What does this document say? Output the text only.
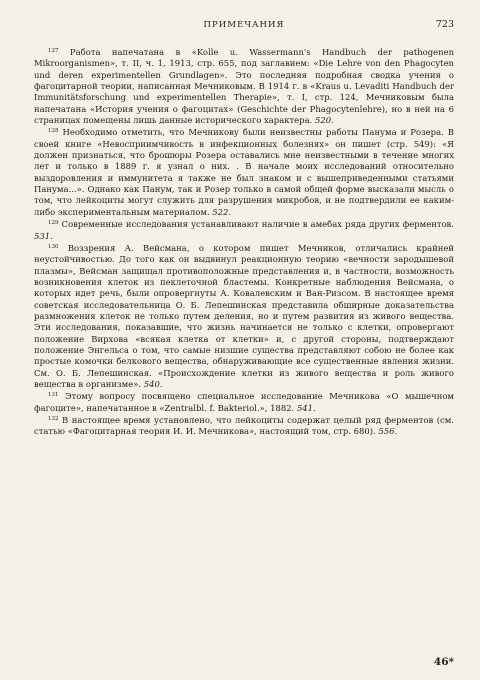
ПРИМЕЧАНИЯ	723

$^{127}$ Работа напечатана в «Kolle u. Wassermann's Handbuch der pathogenen Mikroorganismen», т. II, ч. 1, 1913, стр. 655, под заглавием: «Die Lehre von den Phagocyten und deren experimentellen Grundlagen». Это последняя подробная сводка учения о фагоцитарной теории, написанная Мечниковым. В 1914 г. в «Kraus u. Levaditi Handbuch der Immunitätsforschung und experimentellen Therapie», т. I, стр. 124, Мечниковым была напечатана «История учения о фагоцитах» (Geschichte der Phagocytenlehre), но в ней на 6 страницах помещены лишь данные исторического характера. 520.

$^{128}$ Необходимо отметить, что Мечникову были неизвестны работы Панума и Розера. В своей книге «Невосприимчивость в инфекционных болезнях» он пишет (стр. 549): «Я должен признаться, что брошюры Розера оставались мне неизвестными в течение многих лет и только в 1889 г. я узнал о них. . В начале моих исследований относительно выздоровления и иммунитета я также не был знаком и с вышеприведенными статьями Панума...». Однако как Панум, так и Розер только в самой общей форме высказали мысль о том, что лейкоциты могут служить для разрушения микробов, и не подтвердили ее каким-либо экспериментальным материалом. 522.

$^{129}$ Современные исследования устанавливают наличие в амебах ряда других ферментов. 531.

$^{130}$ Воззрения А. Вейсмана, о котором пишет Мечников, отличались крайней неустойчивостью. До того как он выдвинул реакционную теорию «вечности зародышевой плазмы», Вейсман защищал противоположные представления и, в частности, возможность возникновения клеток из пеклеточной бластемы. Конкретные наблюдения Вейсмана, о которых идет речь, были опровергнуты А. Ковалевским и Ван-Ризсом. В настоящее время советская исследовательница О. Б. Лепешинская представила обширные доказательства размножения клеток не только путем деления, но и путем развития из живого вещества. Эти исследования, показавшие, что жизнь начинается не только с клетки, опровергают положение Вирхова «всякая клетка от клетки» и, с другой стороны, подтверждают положение Энгельса о том, что самые низшие существа представляют собою не более как простые комочки белкового вещества, обнаруживающие все существенные явления жизни. См. О. Б. Лепешинская. «Происхождение клетки из живого вещества и роль живого вещества в организме». 540.

$^{131}$ Этому вопросу посвящено специальное исследование Мечникова «О мышечном фагоците», напечатанное в «Zentralbl. f. Bakteriol.», 1882. 541.

$^{132}$ В настоящее время установлено, что лейкоциты содержат целый ряд ферментов (см. статью «Фагоцитарная теория И. И. Мечникова», настоящий том, стр. 680). 556.

46*
